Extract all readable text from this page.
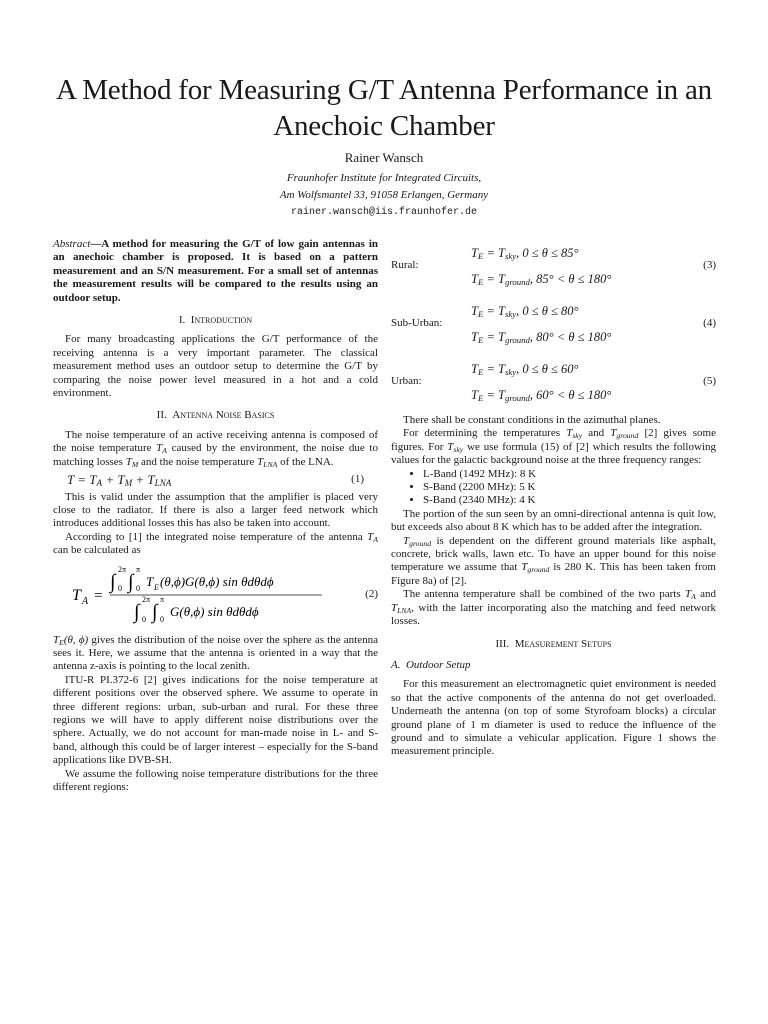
A Method for Measuring G/T Antenna Performance in an Anechoic Chamber
Rainer Wansch
Fraunhofer Institute for Integrated Circuits,
Am Wolfsmantel 33, 91058 Erlangen, Germany
rainer.wansch@iis.fraunhofer.de

Abstract—A method for measuring the G/T of low gain antennas in an anechoic chamber is proposed. It is based on a pattern measurement and an S/N measurement. For a small set of antennas the measurement results will be compared to the results using an outdoor setup.

I. Introduction

For many broadcasting applications the G/T performance of the receiving antenna is a very important parameter. The classical measurement method uses an outdoor setup to determine the G/T by comparing the noise power level measured in a hot and a cold environment.

II. Antenna Noise Basics

The noise temperature of an active receiving antenna is composed of the noise temperature $T_A$ caused by the environment, the noise due to matching losses $T_M$ and the noise temperature $T_{LNA}$ of the LNA.

$T = T_A + T_M + T_{LNA}$	(1)

This is valid under the assumption that the amplifier is placed very close to the radiator. If there is also a larger feed network which introduces additional losses this has also be taken into account.

According to [1] the integrated noise temperature of the antenna $T_A$ can be calculated as

T A =
∫
2π
0 ∫
π
0 T E (θ,ϕ)G(θ,ϕ) sin θdθdϕ
∫
2π
0 ∫
π
0
G(θ,ϕ) sin θdθdϕ
(2)

$T_E(\theta$, ϕ) gives the distribution of the noise over the sphere as the antenna sees it. Here, we assume that the antenna is oriented in a way that the antenna z-axis is pointing to the local zenith.

ITU-R PI.372-6 [2] gives indications for the noise temperature at different positions over the observed sphere. We assume to operate in three different regions: urban, sub-urban and rural. For these three regions we will have to apply different noise distributions over the sphere. Actually, we do not account for man-made noise in L- and S-band, although this could be of larger interest – especially for the S-band applications like DVB-SH.

We assume the following noise temperature distributions for the three different regions:

Rural:
$T_E = T_{sky}$, 0 ≤ θ ≤ 85°
$T_E = T_{ground}$, 85° < θ ≤ 180°
(3)
Sub-Urban:
$T_E = T_{sky}$, 0 ≤ θ ≤ 80°
$T_E = T_{ground}$, 80° < θ ≤ 180°
(4)
Urban:
$T_E = T_{sky}$, 0 ≤ θ ≤ 60°
$T_E = T_{ground}$, 60° < θ ≤ 180°
(5)

There shall be constant conditions in the azimuthal planes.

For determining the temperatures $T_{sky}$ and $T_{ground}$ [2] gives some figures. For $T_{sky}$ we use formula (15) of [2] which results the following values for the galactic background noise at the three frequency ranges:

• L-Band (1492 MHz): 8 K
• S-Band (2200 MHz): 5 K
• S-Band (2340 MHz): 4 K

The portion of the sun seen by an omni-directional antenna is quit low, but exceeds also about 8 K which has to be added after the integration.

$T_{ground}$ is dependent on the different ground materials like asphalt, concrete, brick walls, lawn etc. To have an upper bound for this noise temperature we assume that $T_{ground}$ is 280 K. This has been taken from Figure 8a) of [2].

The antenna temperature shall be combined of the two parts $T_A$ and $T_{LNA}$, with the latter incorporating also the matching and feed network losses.

III. Measurement Setups
A. Outdoor Setup

For this measurement an electromagnetic quiet environment is needed so that the active components of the antenna do not get overloaded. Underneath the antenna (on top of some Styrofoam blocks) a circular ground plane of 1 m diameter is used to reduce the influence of the ground and to simulate a vehicular application. Figure 1 shows the measurement principle.
